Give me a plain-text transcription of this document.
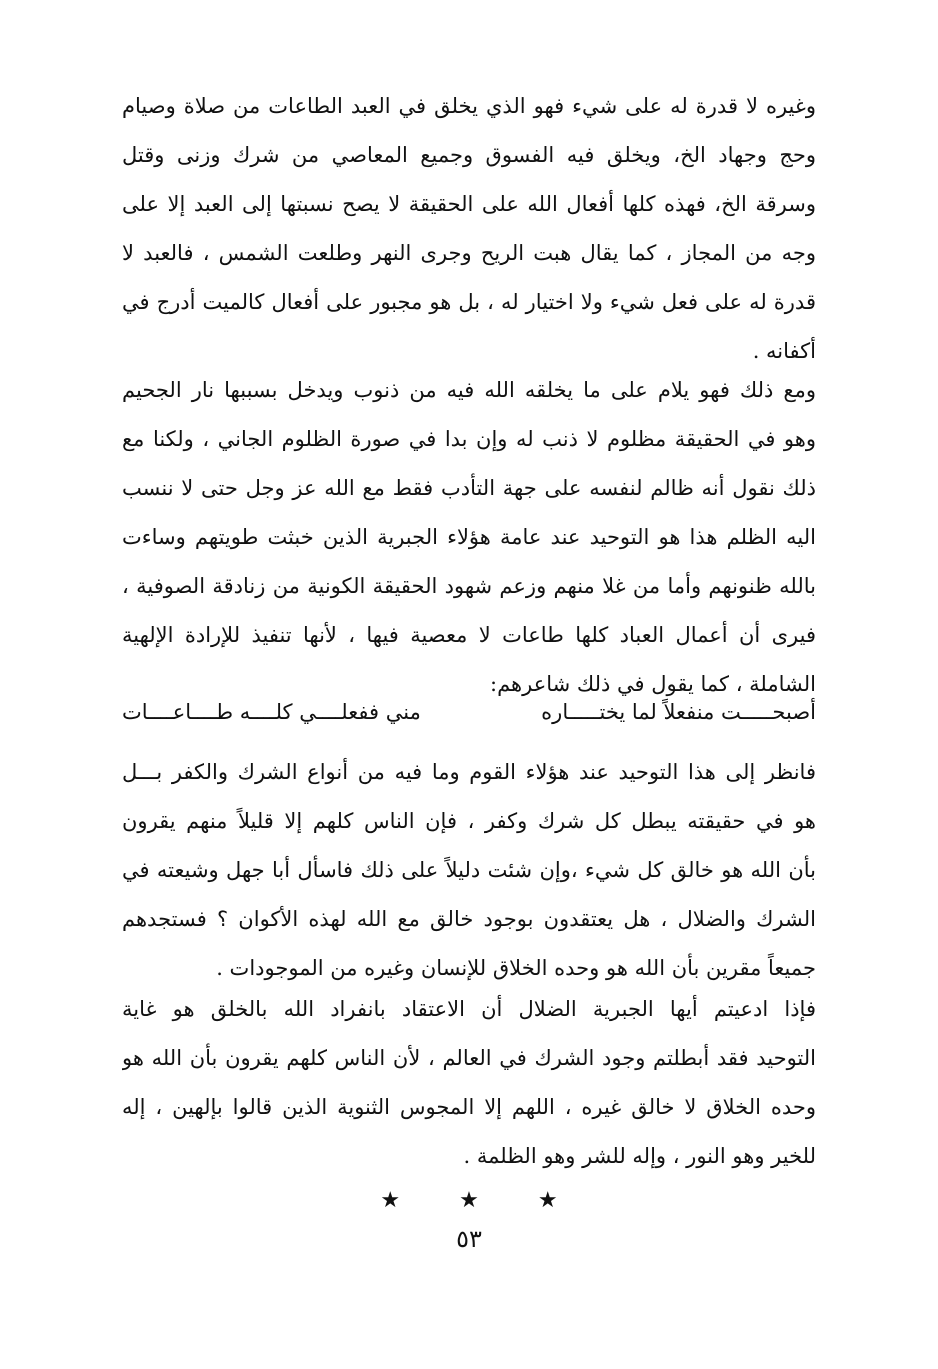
وغيره لا قدرة له على شيء فهو الذي يخلق في العبد الطاعات من صلاة وصيام
وحج وجهاد الخ، ويخلق فيه الفسوق وجميع المعاصي من شرك وزنى وقتل
وسرقة الخ، فهذه كلها أفعال الله على الحقيقة لا يصح نسبتها إلى العبد إلا على
وجه من المجاز ، كما يقال هبت الريح وجرى النهر وطلعت الشمس ، فالعبد لا
قدرة له على فعل شيء ولا اختيار له ، بل هو مجبور على أفعال كالميت أدرج في
أكفانه .
ومع ذلك فهو يلام على ما يخلقه الله فيه من ذنوب ويدخل بسببها نار الجحيم
وهو في الحقيقة مظلوم لا ذنب له وإن بدا في صورة الظلوم الجاني ، ولكنا مع
ذلك نقول أنه ظالم لنفسه على جهة التأدب فقط مع الله عز وجل حتى لا ننسب
اليه الظلم هذا هو التوحيد عند عامة هؤلاء الجبرية الذين خبثت طويتهم وساءت
بالله ظنونهم وأما من غلا منهم وزعم شهود الحقيقة الكونية من زنادقة الصوفية ،
فيرى أن أعمال العباد كلها طاعات لا معصية فيها ، لأنها تنفيذ للإرادة الإلهية
الشاملة ، كما يقول في ذلك شاعرهم:
أصبحـــــت منفعلاً لما يختـــــاره
مني ففعلــــي كلــــه طــــاعــــات
فانظر إلى هذا التوحيد عند هؤلاء القوم وما فيه من أنواع الشرك والكفر بـــل
هو في حقيقته يبطل كل شرك وكفر ، فإن الناس كلهم إلا قليلاً منهم يقرون
بأن الله هو خالق كل شيء ،وإن شئت دليلاً على ذلك فاسأل أبا جهل وشيعته في
الشرك والضلال ، هل يعتقدون بوجود خالق مع الله لهذه الأكوان ؟ فستجدهم
جميعاً مقرين بأن الله هو وحده الخلاق للإنسان وغيره من الموجودات .
فإذا ادعيتم أيها الجبرية الضلال أن الاعتقاد بانفراد الله بالخلق هو غاية
التوحيد فقد أبطلتم وجود الشرك في العالم ، لأن الناس كلهم يقرون بأن الله هو
وحده الخلاق لا خالق غيره ، اللهم إلا المجوس الثنوية الذين قالوا بإلهين ، إله
للخير وهو النور ، وإله للشر وهو الظلمة .
★ ★ ★
٥٣
